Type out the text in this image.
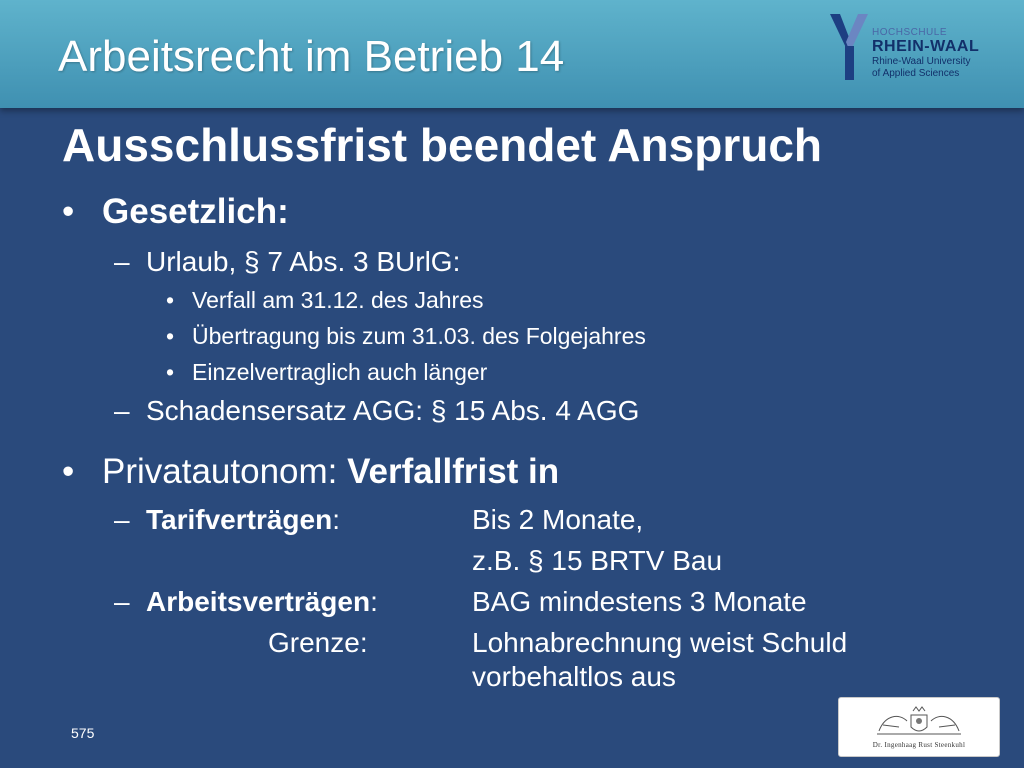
Arbeitsrecht im Betrieb 14	HOCHSCHULE
RHEIN-WAAL
Rhine-Waal University
of Applied Sciences
Ausschlussfrist beendet Anspruch
• Gesetzlich:
– Urlaub, § 7 Abs. 3 BUrlG:
• Verfall am 31.12. des Jahres
• Übertragung bis zum 31.03. des Folgejahres
• Einzelvertraglich auch länger
– Schadensersatz AGG: § 15 Abs. 4 AGG
• Privatautonom: Verfallfrist in
– Tarifverträgen:	Bis 2 Monate,
z.B. § 15 BRTV Bau
– Arbeitsverträgen:	BAG mindestens 3 Monate
Grenze:	Lohnabrechnung weist Schuld
vorbehaltlos aus
575
Dr. Ingenhaag Rust Steenkuhl
